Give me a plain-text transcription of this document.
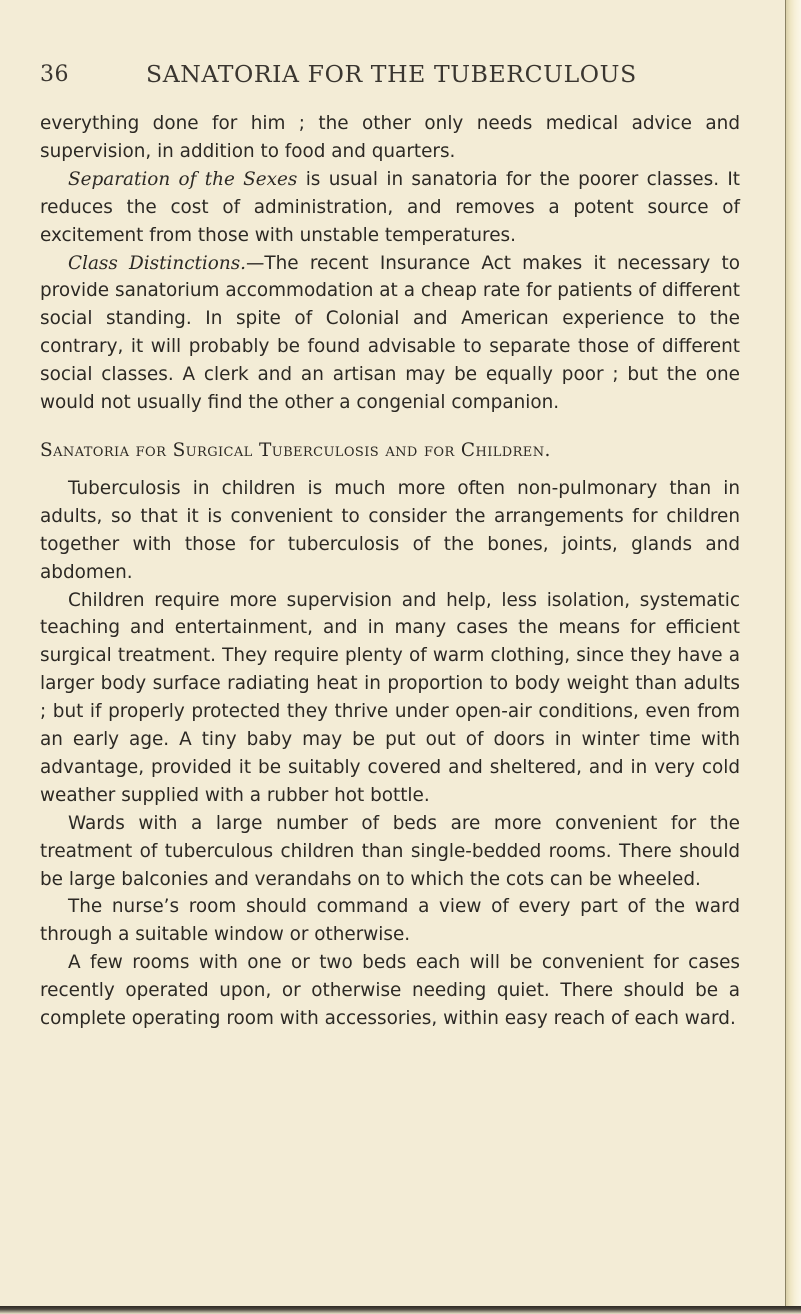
36	SANATORIA FOR THE TUBERCULOUS

everything done for him ; the other only needs medical advice and supervision, in addition to food and quarters.

Separation of the Sexes is usual in sanatoria for the poorer classes. It reduces the cost of administration, and removes a potent source of excitement from those with unstable temperatures.

Class Distinctions.—The recent Insurance Act makes it necessary to provide sanatorium accommodation at a cheap rate for patients of different social standing. In spite of Colonial and American experience to the contrary, it will probably be found advisable to separate those of different social classes. A clerk and an artisan may be equally poor ; but the one would not usually find the other a congenial companion.

Sanatoria for Surgical Tuberculosis and for Children.

Tuberculosis in children is much more often non-pulmonary than in adults, so that it is convenient to consider the arrangements for children together with those for tuberculosis of the bones, joints, glands and abdomen.

Children require more supervision and help, less isolation, systematic teaching and entertainment, and in many cases the means for efficient surgical treatment. They require plenty of warm clothing, since they have a larger body surface radiating heat in proportion to body weight than adults ; but if properly protected they thrive under open-air conditions, even from an early age. A tiny baby may be put out of doors in winter time with advantage, provided it be suitably covered and sheltered, and in very cold weather supplied with a rubber hot bottle.

Wards with a large number of beds are more convenient for the treatment of tuberculous children than single-bedded rooms. There should be large balconies and verandahs on to which the cots can be wheeled.

The nurse’s room should command a view of every part of the ward through a suitable window or otherwise.

A few rooms with one or two beds each will be convenient for cases recently operated upon, or otherwise needing quiet. There should be a complete operating room with accessories, within easy reach of each ward.
